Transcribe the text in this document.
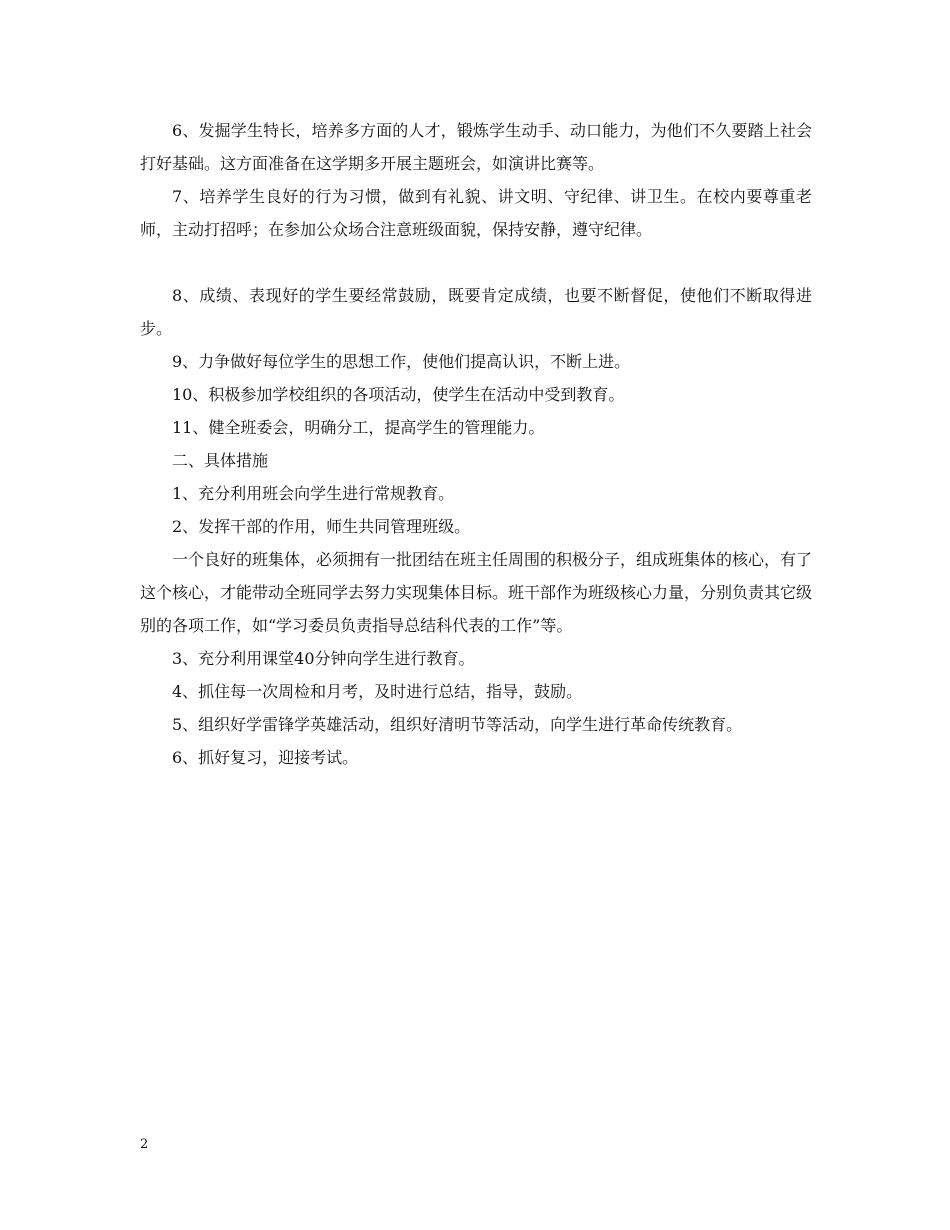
6、发掘学生特长，培养多方面的人才，锻炼学生动手、动口能力，为他们不久要踏上社会打好基础。这方面准备在这学期多开展主题班会，如演讲比赛等。

7、培养学生良好的行为习惯，做到有礼貌、讲文明、守纪律、讲卫生。在校内要尊重老师，主动打招呼；在参加公众场合注意班级面貌，保持安静，遵守纪律。

8、成绩、表现好的学生要经常鼓励，既要肯定成绩，也要不断督促，使他们不断取得进步。

9、力争做好每位学生的思想工作，使他们提高认识，不断上进。

10、积极参加学校组织的各项活动，使学生在活动中受到教育。

11、健全班委会，明确分工，提高学生的管理能力。

二、具体措施

1、充分利用班会向学生进行常规教育。

2、发挥干部的作用，师生共同管理班级。

一个良好的班集体，必须拥有一批团结在班主任周围的积极分子，组成班集体的核心，有了这个核心，才能带动全班同学去努力实现集体目标。班干部作为班级核心力量，分别负责其它级别的各项工作，如“学习委员负责指导总结科代表的工作”等。

3、充分利用课堂40分钟向学生进行教育。

4、抓住每一次周检和月考，及时进行总结，指导，鼓励。

5、组织好学雷锋学英雄活动，组织好清明节等活动，向学生进行革命传统教育。

6、抓好复习，迎接考试。

2
